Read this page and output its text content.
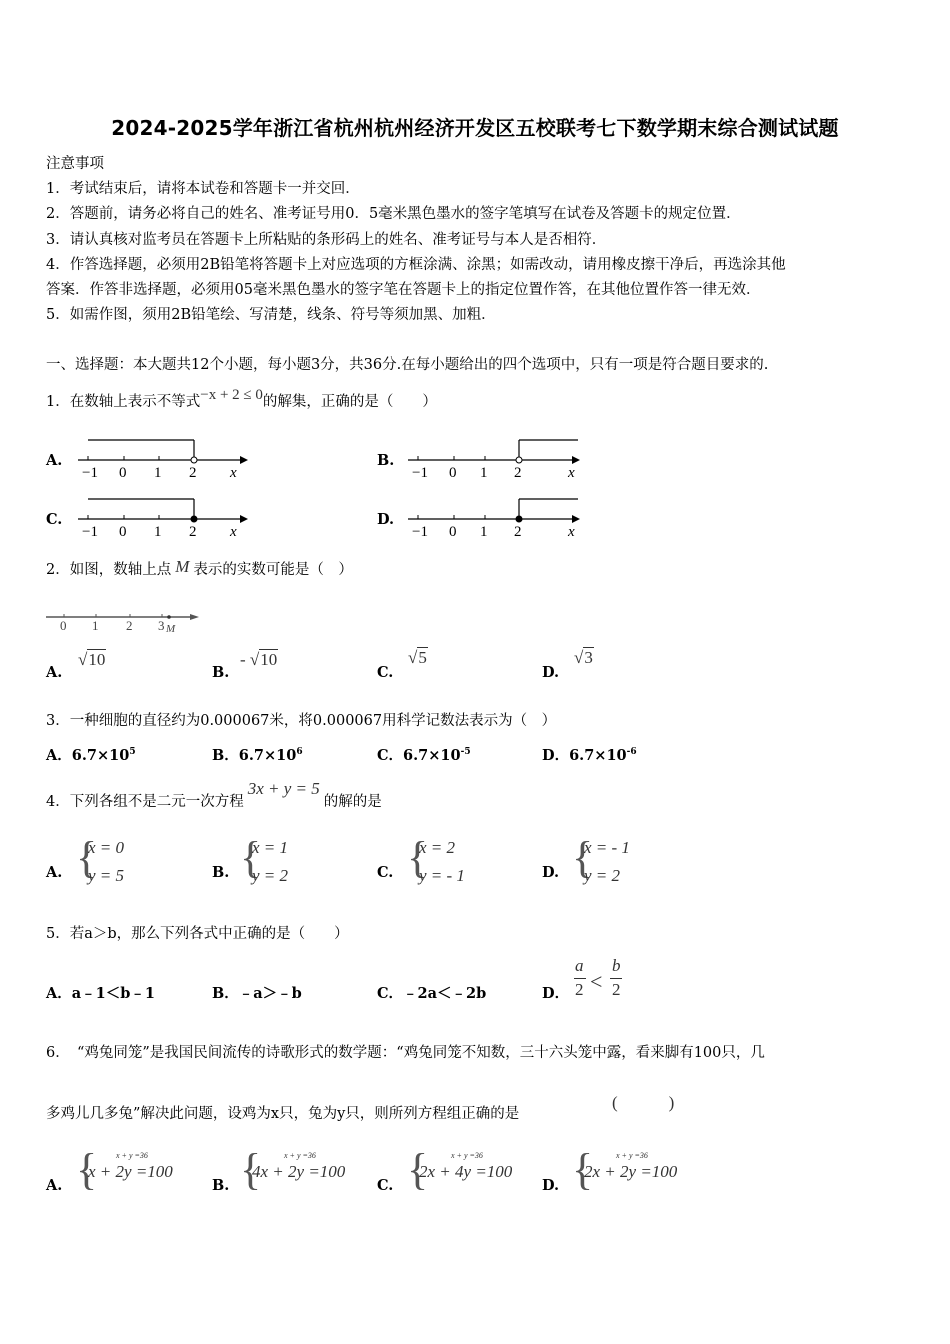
2024-2025学年浙江省杭州杭州经济开发区五校联考七下数学期末综合测试试题
注意事项
1．考试结束后，请将本试卷和答题卡一并交回．
2．答题前，请务必将自己的姓名、准考证号用0．5毫米黑色墨水的签字笔填写在试卷及答题卡的规定位置．
3．请认真核对监考员在答题卡上所粘贴的条形码上的姓名、准考证号与本人是否相符．
4．作答选择题，必须用2B铅笔将答题卡上对应选项的方框涂满、涂黑；如需改动，请用橡皮擦干净后，再选涂其他
答案．作答非选择题，必须用05毫米黑色墨水的签字笔在答题卡上的指定位置作答，在其他位置作答一律无效．
5．如需作图，须用2B铅笔绘、写清楚，线条、符号等须加黑、加粗．
一、选择题：本大题共12个小题，每小题3分，共36分.在每小题给出的四个选项中，只有一项是符合题目要求的.
1．在数轴上表示不等式−x + 2 ≤ 0的解集，正确的是（　　）
A.
−1 0 1 2 x
B.
−1 0 1 2	x
C.
−1 0 1 2 x
D.
−1 0 1 2	x
2．如图，数轴上点 M 表示的实数可能是（　）
0 1 2 3 M
A.
√10
B.
- √10
C.
√5
D.
√3
3．一种细胞的直径约为0.000067米，将0.000067用科学记数法表示为（　）
A．$6.7\times 10^5$	B．$6.7\times 10^6$	C．$6.7\times 10^{-5}$	D．$6.7\times 10^{-6}$
4．下列各组不是二元一次方程3x + y = 5的解的是
A. {
x = 0
y = 5	B. {
x = 1
y = 2	C. {
x = 2
y = - 1	D. {
x = - 1
y = 2
5．若a＞b，那么下列各式中正确的是（　　）
A．a﹣1＜b﹣1	B．﹣a＞﹣b	C．﹣2a＜﹣2b	D．
a
2 <
b
2
6．　“鸡兔同笼”是我国民间流传的诗歌形式的数学题：“鸡兔同笼不知数，三十六头笼中露，看来脚有100只，几
多鸡儿几多兔”解决此问题，设鸡为x只，兔为y只，则所列方程组正确的是
(　　　)
A. { x + y =36
x + 2y =100
B. {	x + y =36
4x + 2y =100
C. {	x + y =36
2x + 4y =100
D. {	x + y =36
2x + 2y =100
